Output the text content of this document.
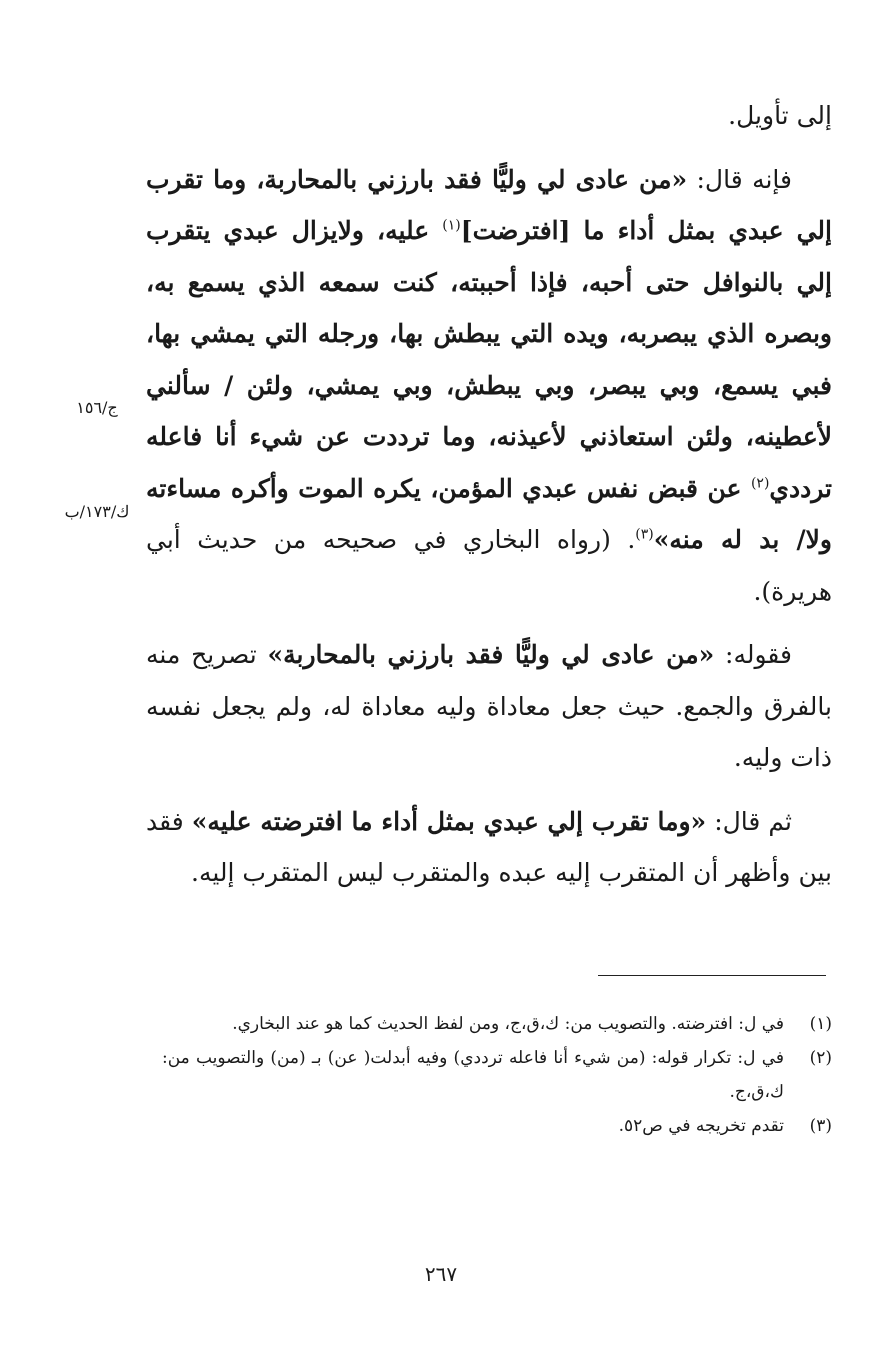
إلى تأويل.

فإنه قال: «من عادى لي وليًّا فقد بارزني بالمحاربة، وما تقرب إلي عبدي بمثل أداء ما [افترضت]$^{(١)}$ عليه، ولايزال عبدي يتقرب إلي بالنوافل حتى أحبه، فإذا أحببته، كنت سمعه الذي يسمع به، وبصره الذي يبصربه، ويده التي يبطش بها، ورجله التي يمشي بها، فبي يسمع، وبي يبصر، وبي يبطش، وبي يمشي، ولئن / سألني لأعطينه، ولئن استعاذني لأعيذنه، وما ترددت عن شيء أنا فاعله ترددي$^{(٢)}$ عن قبض نفس عبدي المؤمن، يكره الموت وأكره مساءته ولا/ بد له منه»$^{(٣)}$. (رواه البخاري في صحيحه من حديث أبي هريرة).

فقوله: «من عادى لي وليًّا فقد بارزني بالمحاربة» تصريح منه بالفرق والجمع. حيث جعل معاداة وليه معاداة له، ولم يجعل نفسه ذات وليه.

ثم قال: «وما تقرب إلي عبدي بمثل أداء ما افترضته عليه» فقد بين وأظهر أن المتقرب إليه عبده والمتقرب ليس المتقرب إليه.

ج/١٥٦
ك/١٧٣/ب
(١)
في ل: افترضته. والتصويب من: ك،ق،ج، ومن لفظ الحديث كما هو عند البخاري.
(٢)
في ل: تكرار قوله: (من شيء أنا فاعله ترددي) وفيه أبدلت( عن) بـ (من) والتصويب من: ك،ق،ج.
(٣)
تقدم تخريجه في ص٥٢.
٢٦٧
